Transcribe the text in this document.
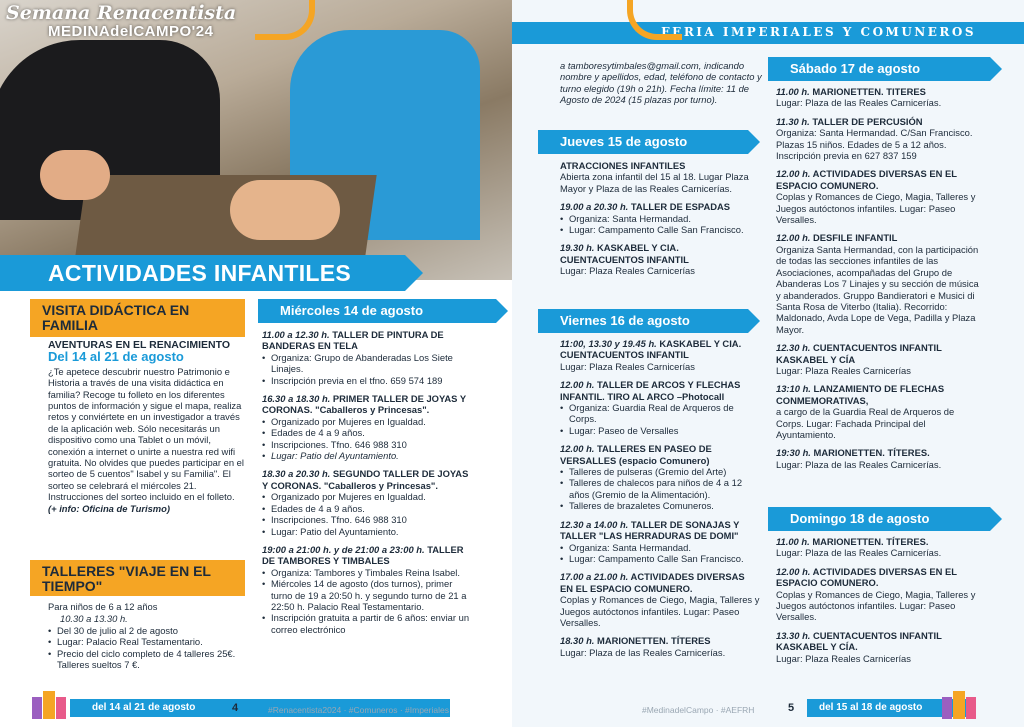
Semana Renacentista
MEDINAdelCAMPO'24
ACTIVIDADES INFANTILES
VISITA DIDÁCTICA EN FAMILIA
AVENTURAS EN EL RENACIMIENTO
Del 14 al 21 de agosto
¿Te apetece descubrir nuestro Patrimonio e Historia a través de una visita didáctica en familia? Recoge tu folleto en los diferentes puntos de información y sigue el mapa, realiza retos y conviértete en un investigador a través de la aplicación web. Sólo necesitarás un dispositivo como una Tablet o un móvil, conexión a internet o unirte a nuestra red wifi gratuita. No olvides que puedes participar en el sorteo de 5 cuentos" Isabel y su Familia". El sorteo se celebrará el miércoles 21. Instrucciones del sorteo incluido en el folleto.
(+ info: Oficina de Turismo)
TALLERES "VIAJE EN EL TIEMPO"
Para niños de 6 a 12 años
10.30 a 13.30 h.
• Del 30 de julio al 2 de agosto
• Lugar: Palacio Real Testamentario.
• Precio del ciclo completo de 4 talleres 25€. Talleres sueltos 7 €.
Miércoles 14 de agosto
11.00 a 12.30 h. TALLER DE PINTURA DE BANDERAS EN TELA
• Organiza: Grupo de Abanderadas Los Siete Linajes.
• Inscripción previa en el tfno. 659 574 189
16.30 a 18.30 h. PRIMER TALLER DE JOYAS Y CORONAS. "Caballeros y Princesas".
• Organizado por Mujeres en Igualdad.
• Edades de 4 a 9 años.
• Inscripciones. Tfno. 646 988 310
• Lugar: Patio del Ayuntamiento.
18.30 a 20.30 h. SEGUNDO TALLER DE JOYAS Y CORONAS. "Caballeros y Princesas".
• Organizado por Mujeres en Igualdad.
• Edades de 4 a 9 años.
• Inscripciones. Tfno. 646 988 310
• Lugar: Patio del Ayuntamiento.
19:00 a 21:00 h. y de 21:00 a 23:00 h. TALLER DE TAMBORES Y TIMBALES
• Organiza: Tambores y Timbales Reina Isabel.
• Miércoles 14 de agosto (dos turnos), primer turno de 19 a 20:50 h. y segundo turno de 21 a 22:50 h. Palacio Real Testamentario.
• Inscripción gratuita a partir de 6 años: enviar un correo electrónico
del 14 al 21 de agosto	4	#Renacentista2024 · #Comuneros · #Imperiales
FERIA IMPERIALES Y COMUNEROS
a tamboresytimbales@gmail.com, indicando nombre y apellidos, edad, teléfono de contacto y turno elegido (19h o 21h). Fecha límite: 11 de Agosto de 2024 (15 plazas por turno).
Jueves 15 de agosto
ATRACCIONES INFANTILES
Abierta zona infantil del 15 al 18. Lugar Plaza Mayor y Plaza de las Reales Carnicerías.
19.00 a 20.30 h. TALLER DE ESPADAS
• Organiza: Santa Hermandad.
• Lugar: Campamento Calle San Francisco.
19.30 h. KASKABEL Y CIA. CUENTACUENTOS INFANTIL
Lugar: Plaza Reales Carnicerías
Viernes 16 de agosto
11:00, 13.30 y 19.45 h. KASKABEL Y CIA. CUENTACUENTOS INFANTIL
Lugar: Plaza Reales Carnicerías
12.00 h. TALLER DE ARCOS Y FLECHAS INFANTIL. TIRO AL ARCO –Photocall
• Organiza: Guardia Real de Arqueros de Corps.
• Lugar: Paseo de Versalles
12.00 h. TALLERES EN PASEO DE VERSALLES (espacio Comunero)
• Talleres de pulseras (Gremio del Arte)
• Talleres de chalecos para niños de 4 a 12 años (Gremio de la Alimentación).
• Talleres de brazaletes Comuneros.
12.30 a 14.00 h. TALLER DE SONAJAS Y TALLER "LAS HERRADURAS DE DOMI"
• Organiza: Santa Hermandad.
• Lugar: Campamento Calle San Francisco.
17.00 a 21.00 h. ACTIVIDADES DIVERSAS EN EL ESPACIO COMUNERO.
Coplas y Romances de Ciego, Magia, Talleres y Juegos autóctonos infantiles. Lugar: Paseo Versalles.
18.30 h. MARIONETTEN. TÍTERES
Lugar: Plaza de las Reales Carnicerías.
Sábado 17 de agosto
11.00 h. MARIONETTEN. TITERES
Lugar: Plaza de las Reales Carnicerías.
11.30 h. TALLER DE PERCUSIÓN
Organiza: Santa Hermandad. C/San Francisco. Plazas 15 niños. Edades de 5 a 12 años. Inscripción previa en 627 837 159
12.00 h. ACTIVIDADES DIVERSAS EN EL ESPACIO COMUNERO.
Coplas y Romances de Ciego, Magia, Talleres y Juegos autóctonos infantiles. Lugar: Paseo Versalles.
12.00 h. DESFILE INFANTIL
Organiza Santa Hermandad, con la participación de todas las secciones infantiles de las Asociaciones, acompañadas del Grupo de Abanderas Los 7 Linajes y su sección de música y abanderados. Gruppo Bandieratori e Musici di Santa Rosa de Viterbo (Italia). Recorrido: Maldonado, Avda Lope de Vega, Padilla y Plaza Mayor.
12.30 h. CUENTACUENTOS INFANTIL KASKABEL Y CÍA
Lugar: Plaza Reales Carnicerías
13:10 h. LANZAMIENTO DE FLECHAS CONMEMORATIVAS,
a cargo de la Guardia Real de Arqueros de Corps. Lugar: Fachada Principal del Ayuntamiento.
19:30 h. MARIONETTEN. TÍTERES.
Lugar: Plaza de las Reales Carnicerías.
Domingo 18 de agosto
11.00 h. MARIONETTEN. TÍTERES.
Lugar: Plaza de las Reales Carnicerías.
12.00 h. ACTIVIDADES DIVERSAS EN EL ESPACIO COMUNERO.
Coplas y Romances de Ciego, Magia, Talleres y Juegos autóctonos infantiles. Lugar: Paseo Versalles.
13.30 h. CUENTACUENTOS INFANTIL KASKABEL Y CÍA.
Lugar: Plaza Reales Carnicerías
#MedinadelCampo · #AEFRH	5 del 15 al 18 de agosto
